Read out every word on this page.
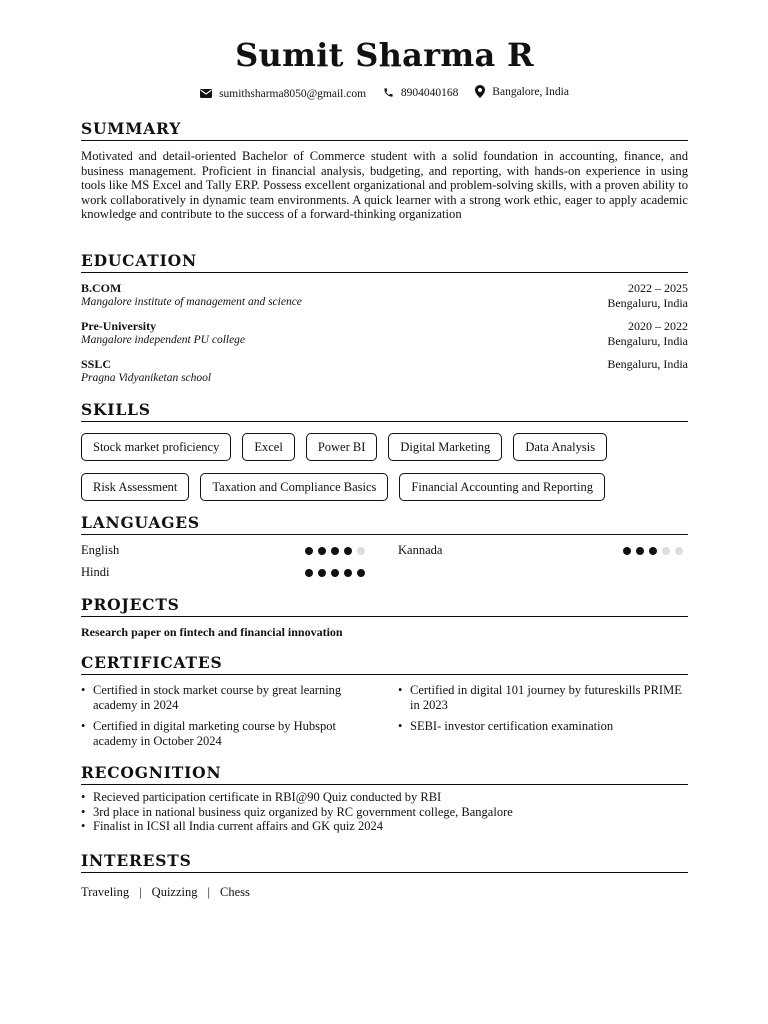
Sumit Sharma R
sumithsharma8050@gmail.com
	8904040168
	Bangalore, India
SUMMARY
Motivated and detail-oriented Bachelor of Commerce student with a solid foundation in accounting, finance, and business management. Proficient in financial analysis, budgeting, and reporting, with hands-on experience in using tools like MS Excel and Tally ERP. Possess excellent organizational and problem-solving skills, with a proven ability to work collaboratively in dynamic team environments. A quick learner with a strong work ethic, eager to apply academic knowledge and contribute to the success of a forward-thinking organization
EDUCATION
B.COM
Mangalore institute of management and science
2022 – 2025
Bengaluru, India
Pre-University
Mangalore independent PU college
2020 – 2022
Bengaluru, India
SSLC
Pragna Vidyaniketan school
Bengaluru, India
SKILLS
Stock market proficiency	Excel	Power BI	Digital Marketing	Data Analysis
Risk Assessment	Taxation and Compliance Basics	Financial Accounting and Reporting
LANGUAGES
English	Kannada
Hindi
PROJECTS
Research paper on fintech and financial innovation
CERTIFICATES
• Certified in stock market course by great learning academy in 2024
• Certified in digital marketing course by Hubspot academy in October 2024
• Certified in digital 101 journey by futureskills PRIME in 2023
• SEBI- investor certification examination
RECOGNITION
• Recieved participation certificate in RBI@90 Quiz conducted by RBI
• 3rd place in national business quiz organized by RC government college, Bangalore
• Finalist in ICSI all India current affairs and GK quiz 2024
INTERESTS
Traveling | Quizzing | Chess
